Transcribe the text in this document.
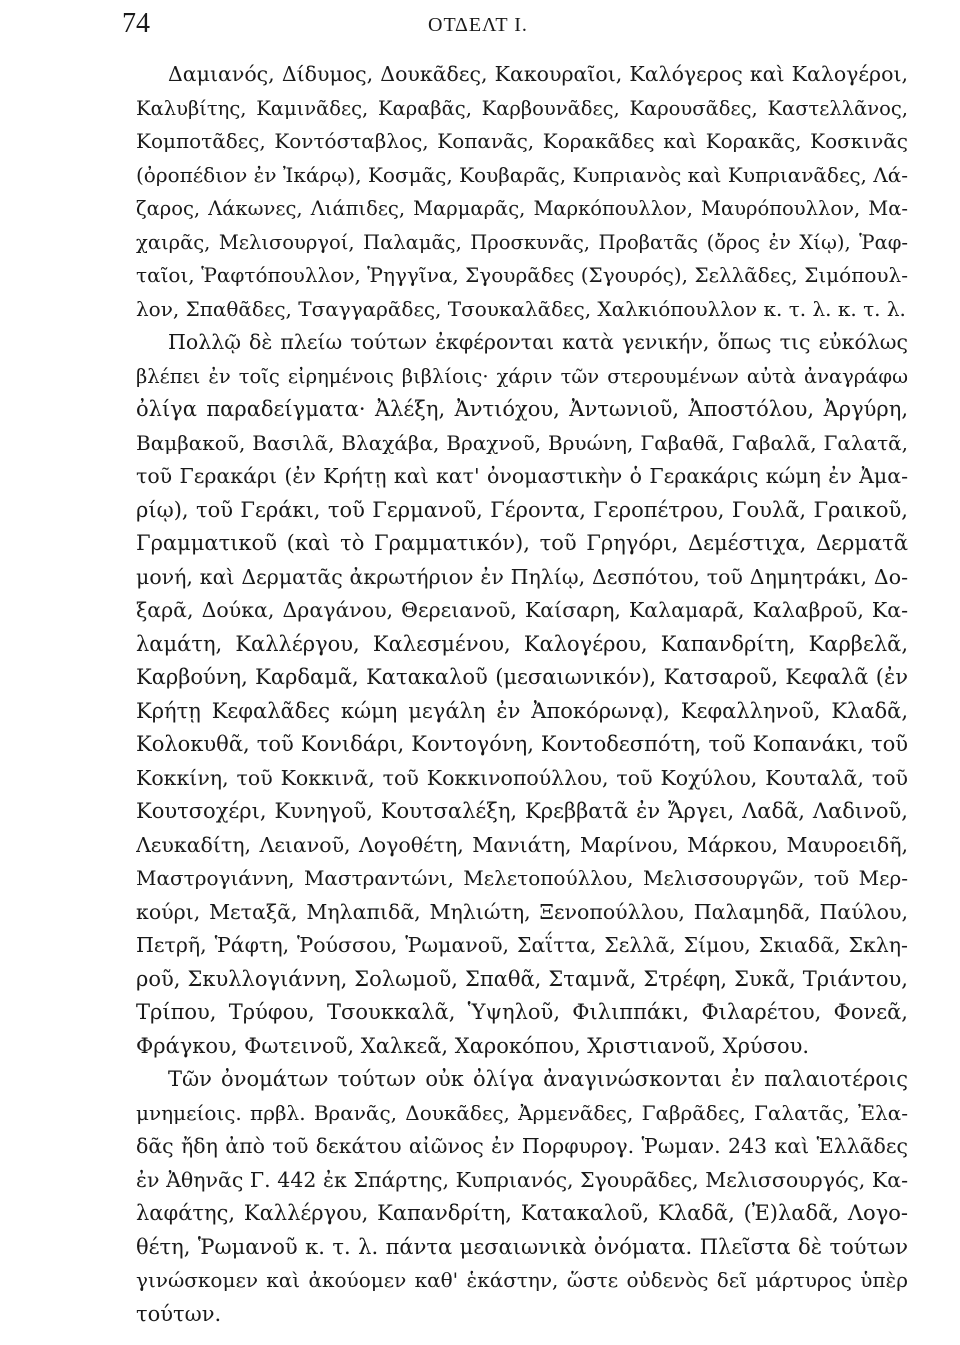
74	ΟΤΔΕΛΤ Ι.
Δαμιανός, Δίδυμος, Δουκᾶδες, Κακουραῖοι, Καλόγερος καὶ Καλογέροι,
Καλυβίτης, Καμινᾶδες, Καραβᾶς, Καρβουνᾶδες, Καρουσᾶδες, Καστελλᾶνος,
Κομποτᾶδες, Κοντόσταβλος, Κοπανᾶς, Κορακᾶδες καὶ Κορακᾶς, Κοσκινᾶς
(ὀροπέδιον ἐν Ἰκάρῳ), Κοσμᾶς, Κουβαρᾶς, Κυπριανὸς καὶ Κυπριανᾶδες, Λά-
ζαρος, Λάκωνες, Λιάπιδες, Μαρμαρᾶς, Μαρκόπουλλον, Μαυρόπουλλον, Μα-
χαιρᾶς, Μελισουργοί, Παλαμᾶς, Προσκυνᾶς, Προβατᾶς (ὄρος ἐν Χίῳ), Ῥαφ-
ταῖοι, Ῥαφτόπουλλον, Ῥηγγῖνα, Σγουρᾶδες (Σγουρός), Σελλᾶδες, Σιμόπουλ-
λον, Σπαθᾶδες, Τσαγγαρᾶδες, Τσουκαλᾶδες, Χαλκιόπουλλον κ. τ. λ. κ. τ. λ.
Πολλῷ δὲ πλείω τούτων ἐκφέρονται κατὰ γενικήν, ὅπως τις εὐκόλως
βλέπει ἐν τοῖς εἰρημένοις βιβλίοις· χάριν τῶν στερουμένων αὐτὰ ἀναγράφω
ὀλίγα παραδείγματα· Ἀλέξη, Ἀντιόχου, Ἀντωνιοῦ, Ἀποστόλου, Ἀργύρη,
Βαμβακοῦ, Βασιλᾶ, Βλαχάβα, Βραχνοῦ, Βρυώνη, Γαβαθᾶ, Γαβαλᾶ, Γαλατᾶ,
τοῦ Γερακάρι (ἐν Κρήτῃ καὶ κατ' ὀνομαστικὴν ὁ Γερακάρις κώμη ἐν Ἀμα-
ρίῳ), τοῦ Γεράκι, τοῦ Γερμανοῦ, Γέροντα, Γεροπέτρου, Γουλᾶ, Γραικοῦ,
Γραμματικοῦ (καὶ τὸ Γραμματικόν), τοῦ Γρηγόρι, Δεμέστιχα, Δερματᾶ
μονή, καὶ Δερματᾶς ἀκρωτήριον ἐν Πηλίῳ, Δεσπότου, τοῦ Δημητράκι, Δο-
ξαρᾶ, Δούκα, Δραγάνου, Θερειανοῦ, Καίσαρη, Καλαμαρᾶ, Καλαβροῦ, Κα-
λαμάτη, Καλλέργου, Καλεσμένου, Καλογέρου, Καπανδρίτη, Καρβελᾶ,
Καρβούνη, Καρδαμᾶ, Κατακαλοῦ (μεσαιωνικόν), Κατσαροῦ, Κεφαλᾶ (ἐν
Κρήτῃ Κεφαλᾶδες κώμη μεγάλη ἐν Ἀποκόρωνᾳ), Κεφαλληνοῦ, Κλαδᾶ,
Κολοκυθᾶ, τοῦ Κονιδάρι, Κοντογόνη, Κοντοδεσπότη, τοῦ Κοπανάκι, τοῦ
Κοκκίνη, τοῦ Κοκκινᾶ, τοῦ Κοκκινοπούλλου, τοῦ Κοχύλου, Κουταλᾶ, τοῦ
Κουτσοχέρι, Κυνηγοῦ, Κουτσαλέξη, Κρεββατᾶ ἐν Ἄργει, Λαδᾶ, Λαδινοῦ,
Λευκαδίτη, Λειανοῦ, Λογοθέτη, Μανιάτη, Μαρίνου, Μάρκου, Μαυροειδῆ,
Μαστρογιάννη, Μαστραντώνι, Μελετοπούλλου, Μελισσουργῶν, τοῦ Μερ-
κούρι, Μεταξᾶ, Μηλαπιδᾶ, Μηλιώτη, Ξενοπούλλου, Παλαμηδᾶ, Παύλου,
Πετρῆ, Ῥάφτη, Ῥούσσου, Ῥωμανοῦ, Σαΐττα, Σελλᾶ, Σίμου, Σκιαδᾶ, Σκλη-
ροῦ, Σκυλλογιάννη, Σολωμοῦ, Σπαθᾶ, Σταμνᾶ, Στρέφη, Συκᾶ, Τριάντου,
Τρίπου, Τρύφου, Τσουκκαλᾶ, Ὑψηλοῦ, Φιλιππάκι, Φιλαρέτου, Φονεᾶ,
Φράγκου, Φωτεινοῦ, Χαλκεᾶ, Χαροκόπου, Χριστιανοῦ, Χρύσου.
Τῶν ὀνομάτων τούτων οὐκ ὀλίγα ἀναγινώσκονται ἐν παλαιοτέροις
μνημείοις. πρβλ. Βρανᾶς, Δουκᾶδες, Ἀρμενᾶδες, Γαβρᾶδες, Γαλατᾶς, Ἐλα-
δᾶς ἤδη ἀπὸ τοῦ δεκάτου αἰῶνος ἐν Πορφυρογ. Ῥωμαν. 243 καὶ Ἑλλᾶδες
ἐν Ἀθηνᾶς Γ. 442 ἐκ Σπάρτης, Κυπριανός, Σγουρᾶδες, Μελισσουργός, Κα-
λαφάτης, Καλλέργου, Καπανδρίτη, Κατακαλοῦ, Κλαδᾶ, (Ἐ)λαδᾶ, Λογο-
θέτη, Ῥωμανοῦ κ. τ. λ. πάντα μεσαιωνικὰ ὀνόματα. Πλεῖστα δὲ τούτων
γινώσκομεν καὶ ἀκούομεν καθ' ἑκάστην, ὥστε οὐδενὸς δεῖ μάρτυρος ὑπὲρ
τούτων.
